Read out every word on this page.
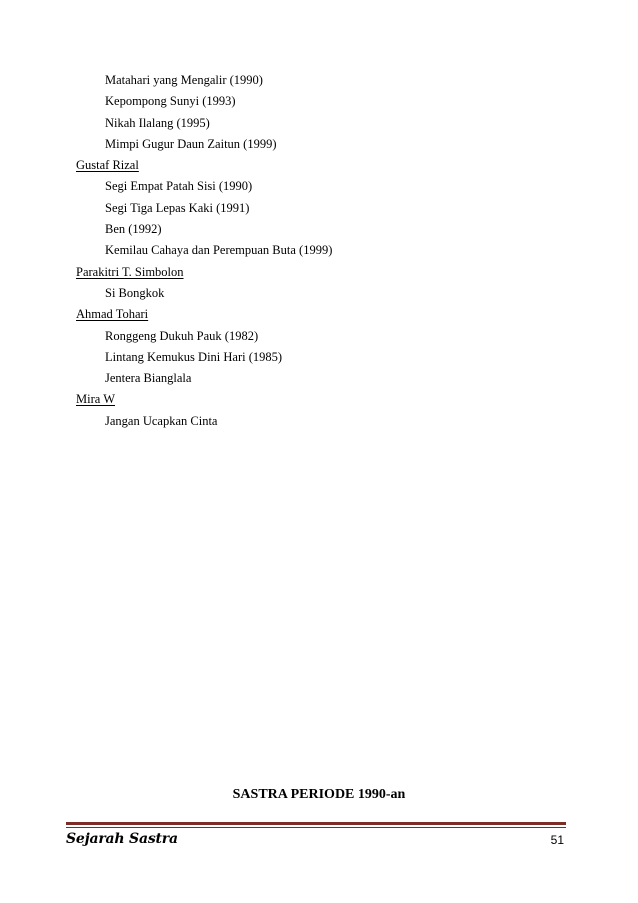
Matahari yang Mengalir (1990)
Kepompong Sunyi (1993)
Nikah Ilalang (1995)
Mimpi Gugur Daun Zaitun (1999)
Gustaf Rizal
Segi Empat Patah Sisi (1990)
Segi Tiga Lepas Kaki (1991)
Ben (1992)
Kemilau Cahaya dan Perempuan Buta (1999)
Parakitri T. Simbolon
Si Bongkok
Ahmad Tohari
Ronggeng Dukuh Pauk (1982)
Lintang Kemukus Dini Hari (1985)
Jentera Bianglala
Mira W
Jangan Ucapkan Cinta
SASTRA PERIODE 1990-an
Sejarah Sastra	51
